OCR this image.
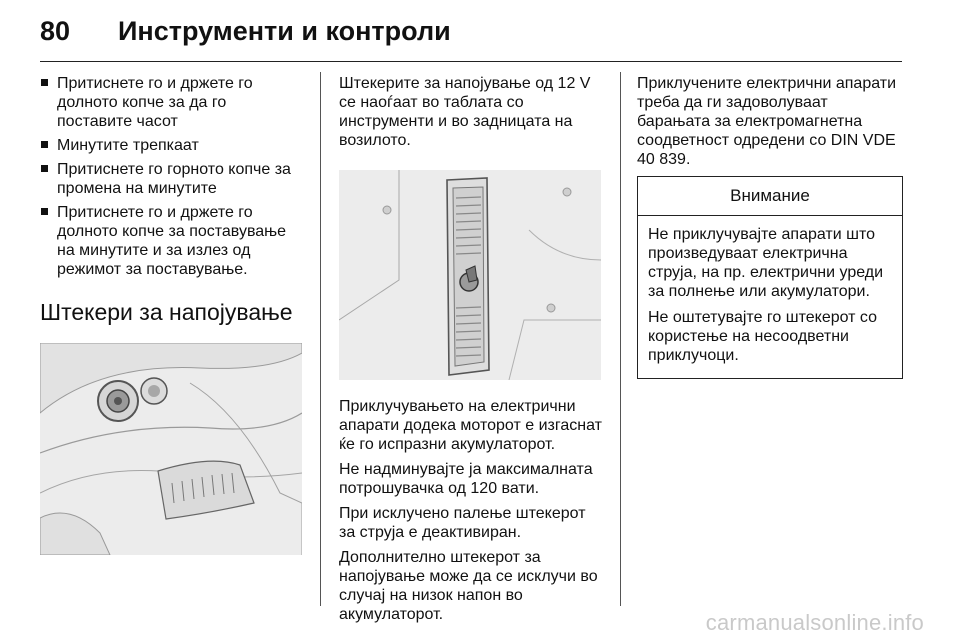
80 Инструменти и контроли
Притиснете го и држете го долното копче за да го поставите часот
Минутите трепкаат
Притиснете го горното копче за промена на минутите
Притиснете го и држете го долното копче за поставување на минутите и за излез од режимот за поставување.
Штекери за напојување

Штекерите за напојување од 12 V се наоѓаат во таблата со инструменти и во задницата на возилото.

Приклучувањето на електрични апарати додека моторот е изгаснат ќе го испразни акумулаторот.

Не надминувајте ја максималната потрошувачка од 120 вати.

При исклучено палење штекерот за струја е деактивиран.

Дополнително штекерот за напојување може да се исклучи во случај на низок напон во акумулаторот.

Приклучените електрични апарати треба да ги задоволуваат барањата за електромагнетна соодветност одредени со DIN VDE 40 839.

Внимание

Не приклучувајте апарати што произведуваат електрична струја, на пр. електрични уреди за полнење или акумулатори.

Не оштетувајте го штекерот со користење на несоодветни приклучоци.

carmanualsonline.info
